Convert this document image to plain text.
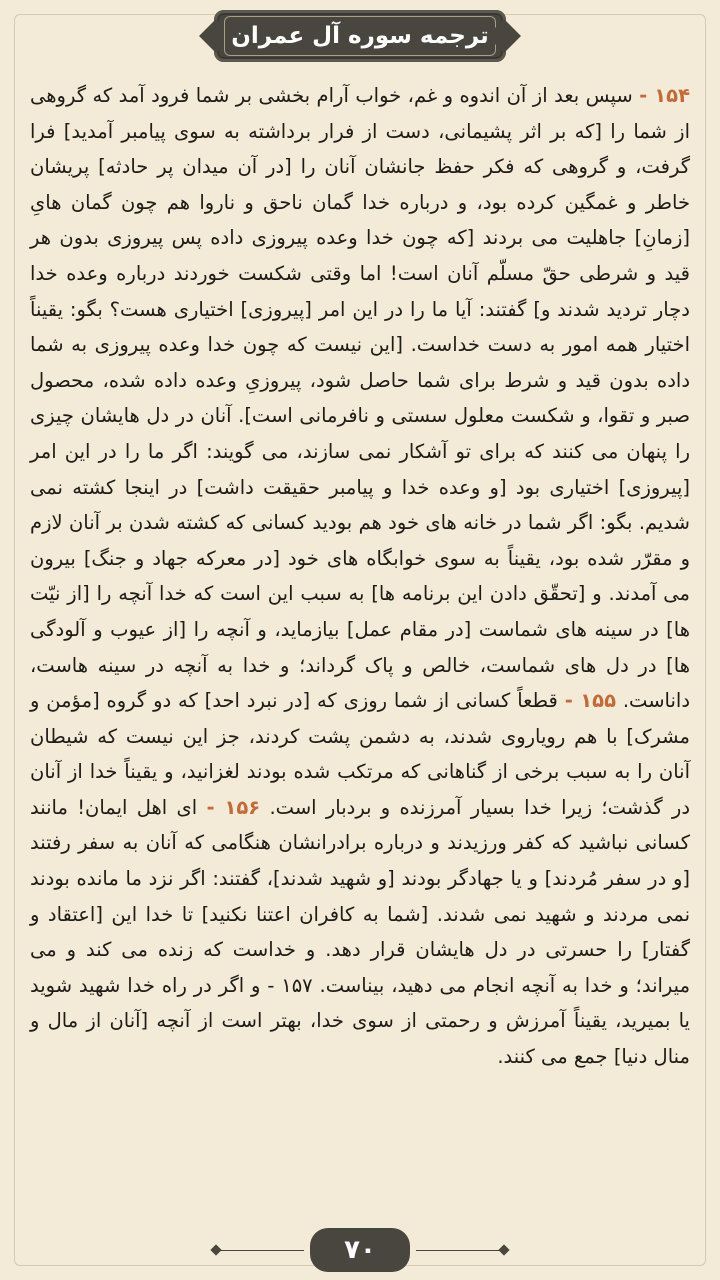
ترجمه سوره آل عمران
۱۵۴ - سپس بعد از آن اندوه و غم، خواب آرام بخشی بر شما فرود آمد که گروهی از شما را [که بر اثر پشیمانی، دست از فرار برداشته به سوی پیامبر آمدید] فرا گرفت، و گروهی که فکر حفظ جانشان آنان را [در آن میدان پر حادثه] پریشان خاطر و غمگین کرده بود، و درباره خدا گمان ناحق و ناروا هم چون گمان هایِ [زمانِ] جاهلیت می بردند [که چون خدا وعده پیروزی داده پس پیروزی بدون هر قید و شرطی حقّ مسلّم آنان است! اما وقتی شکست خوردند درباره وعده خدا دچار تردید شدند و] گفتند: آیا ما را در این امر [پیروزی] اختیاری هست؟ بگو: یقیناً اختیار همه امور به دست خداست. [این نیست که چون خدا وعده پیروزی به شما داده بدون قید و شرط برای شما حاصل شود، پیروزیِ وعده داده شده، محصول صبر و تقوا، و شکست معلول سستی و نافرمانی است]. آنان در دل هایشان چیزی را پنهان می کنند که برای تو آشکار نمی سازند، می گویند: اگر ما را در این امر [پیروزی] اختیاری بود [و وعده خدا و پیامبر حقیقت داشت] در اینجا کشته نمی شدیم. بگو: اگر شما در خانه های خود هم بودید کسانی که کشته شدن بر آنان لازم و مقرّر شده بود، یقیناً به سوی خوابگاه های خود [در معرکه جهاد و جنگ] بیرون می آمدند. و [تحقّق دادن این برنامه ها] به سبب این است که خدا آنچه را [از نیّت ها] در سینه های شماست [در مقام عمل] بیازماید، و آنچه را [از عیوب و آلودگی ها] در دل های شماست، خالص و پاک گرداند؛ و خدا به آنچه در سینه هاست، داناست. ۱۵۵ - قطعاً کسانی از شما روزی که [در نبرد احد] که دو گروه [مؤمن و مشرک] با هم رویاروی شدند، به دشمن پشت کردند، جز این نیست که شیطان آنان را به سبب برخی از گناهانی که مرتکب شده بودند لغزانید، و یقیناً خدا از آنان در گذشت؛ زیرا خدا بسیار آمرزنده و بردبار است. ۱۵۶ - ای اهل ایمان! مانند کسانی نباشید که کفر ورزیدند و درباره برادرانشان هنگامی که آنان به سفر رفتند [و در سفر مُردند] و یا جهادگر بودند [و شهید شدند]، گفتند: اگر نزد ما مانده بودند نمی مردند و شهید نمی شدند. [شما به کافران اعتنا نکنید] تا خدا این [اعتقاد و گفتار] را حسرتی در دل هایشان قرار دهد. و خداست که زنده می کند و می میراند؛ و خدا به آنچه انجام می دهید، بیناست. ۱۵۷ - و اگر در راه خدا شهید شوید یا بمیرید، یقیناً آمرزش و رحمتی از سوی خدا، بهتر است از آنچه [آنان از مال و منال دنیا] جمع می کنند.
۷۰
